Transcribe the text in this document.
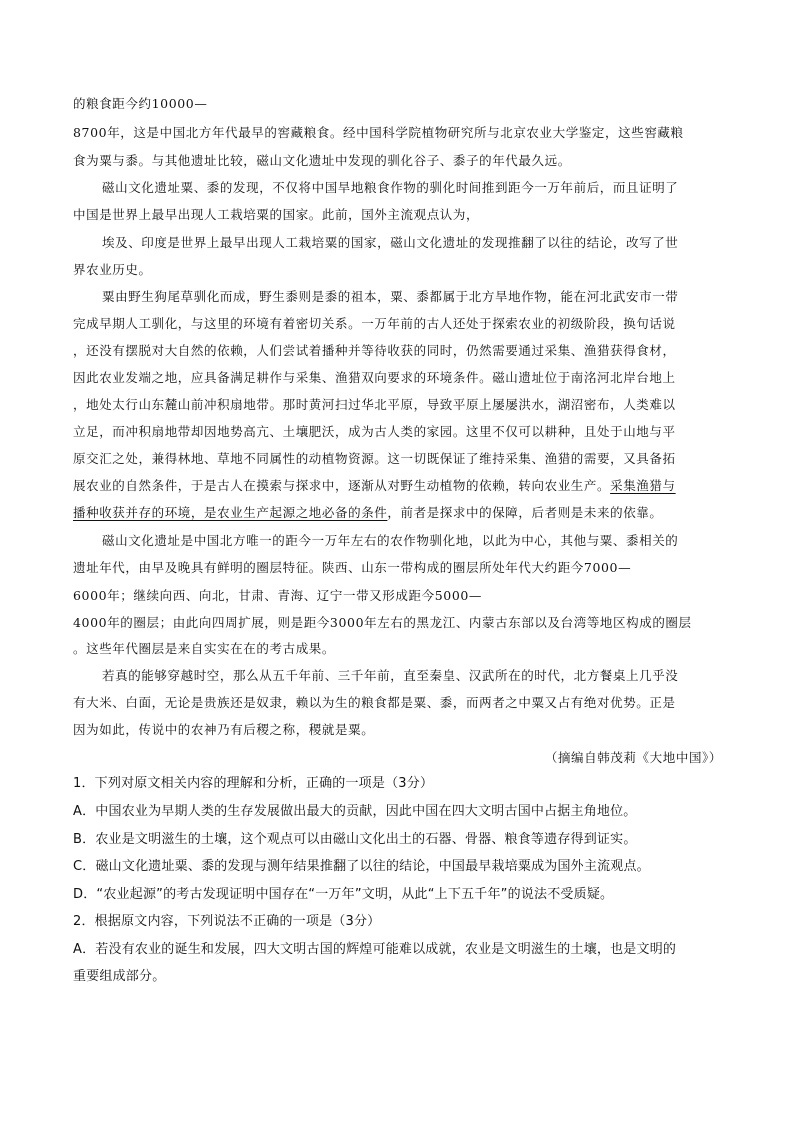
的粮食距今约10000—
8700年，这是中国北方年代最早的窖藏粮食。经中国科学院植物研究所与北京农业大学鉴定，这些窖藏粮
食为粟与黍。与其他遗址比较，磁山文化遗址中发现的驯化谷子、黍子的年代最久远。
磁山文化遗址粟、黍的发现，不仅将中国旱地粮食作物的驯化时间推到距今一万年前后，而且证明了
中国是世界上最早出现人工栽培粟的国家。此前，国外主流观点认为，
埃及、印度是世界上最早出现人工栽培粟的国家，磁山文化遗址的发现推翻了以往的结论，改写了世
界农业历史。
粟由野生狗尾草驯化而成，野生黍则是黍的祖本，粟、黍都属于北方旱地作物，能在河北武安市一带
完成早期人工驯化，与这里的环境有着密切关系。一万年前的古人还处于探索农业的初级阶段，换句话说
，还没有摆脱对大自然的依赖，人们尝试着播种并等待收获的同时，仍然需要通过采集、渔猎获得食材，
因此农业发端之地，应具备满足耕作与采集、渔猎双向要求的环境条件。磁山遗址位于南洺河北岸台地上
，地处太行山东麓山前冲积扇地带。那时黄河扫过华北平原，导致平原上屡屡洪水，湖沼密布，人类难以
立足，而冲积扇地带却因地势高亢、土壤肥沃，成为古人类的家园。这里不仅可以耕种，且处于山地与平
原交汇之处，兼得林地、草地不同属性的动植物资源。这一切既保证了维持采集、渔猎的需要，又具备拓
展农业的自然条件，于是古人在摸索与探求中，逐渐从对野生动植物的依赖，转向农业生产。采集渔猎与
播种收获并存的环境，是农业生产起源之地必备的条件，前者是探求中的保障，后者则是未来的依靠。
磁山文化遗址是中国北方唯一的距今一万年左右的农作物驯化地，以此为中心，其他与粟、黍相关的
遗址年代，由早及晚具有鲜明的圈层特征。陕西、山东一带构成的圈层所处年代大约距今7000—
6000年；继续向西、向北，甘肃、青海、辽宁一带又形成距今5000—
4000年的圈层；由此向四周扩展，则是距今3000年左右的黑龙江、内蒙古东部以及台湾等地区构成的圈层
。这些年代圈层是来自实实在在的考古成果。
若真的能够穿越时空，那么从五千年前、三千年前，直至秦皇、汉武所在的时代，北方餐桌上几乎没
有大米、白面，无论是贵族还是奴隶，赖以为生的粮食都是粟、黍，而两者之中粟又占有绝对优势。正是
因为如此，传说中的农神乃有后稷之称，稷就是粟。
（摘编自韩茂莉《大地中国》）
1．下列对原文相关内容的理解和分析，正确的一项是（3分）
A．中国农业为早期人类的生存发展做出最大的贡献，因此中国在四大文明古国中占据主角地位。
B．农业是文明滋生的土壤，这个观点可以由磁山文化出土的石器、骨器、粮食等遗存得到证实。
C．磁山文化遗址粟、黍的发现与测年结果推翻了以往的结论，中国最早栽培粟成为国外主流观点。
D．“农业起源”的考古发现证明中国存在“一万年”文明，从此“上下五千年”的说法不受质疑。
2．根据原文内容，下列说法不正确的一项是（3分）
A．若没有农业的诞生和发展，四大文明古国的辉煌可能难以成就，农业是文明滋生的土壤，也是文明的
重要组成部分。
